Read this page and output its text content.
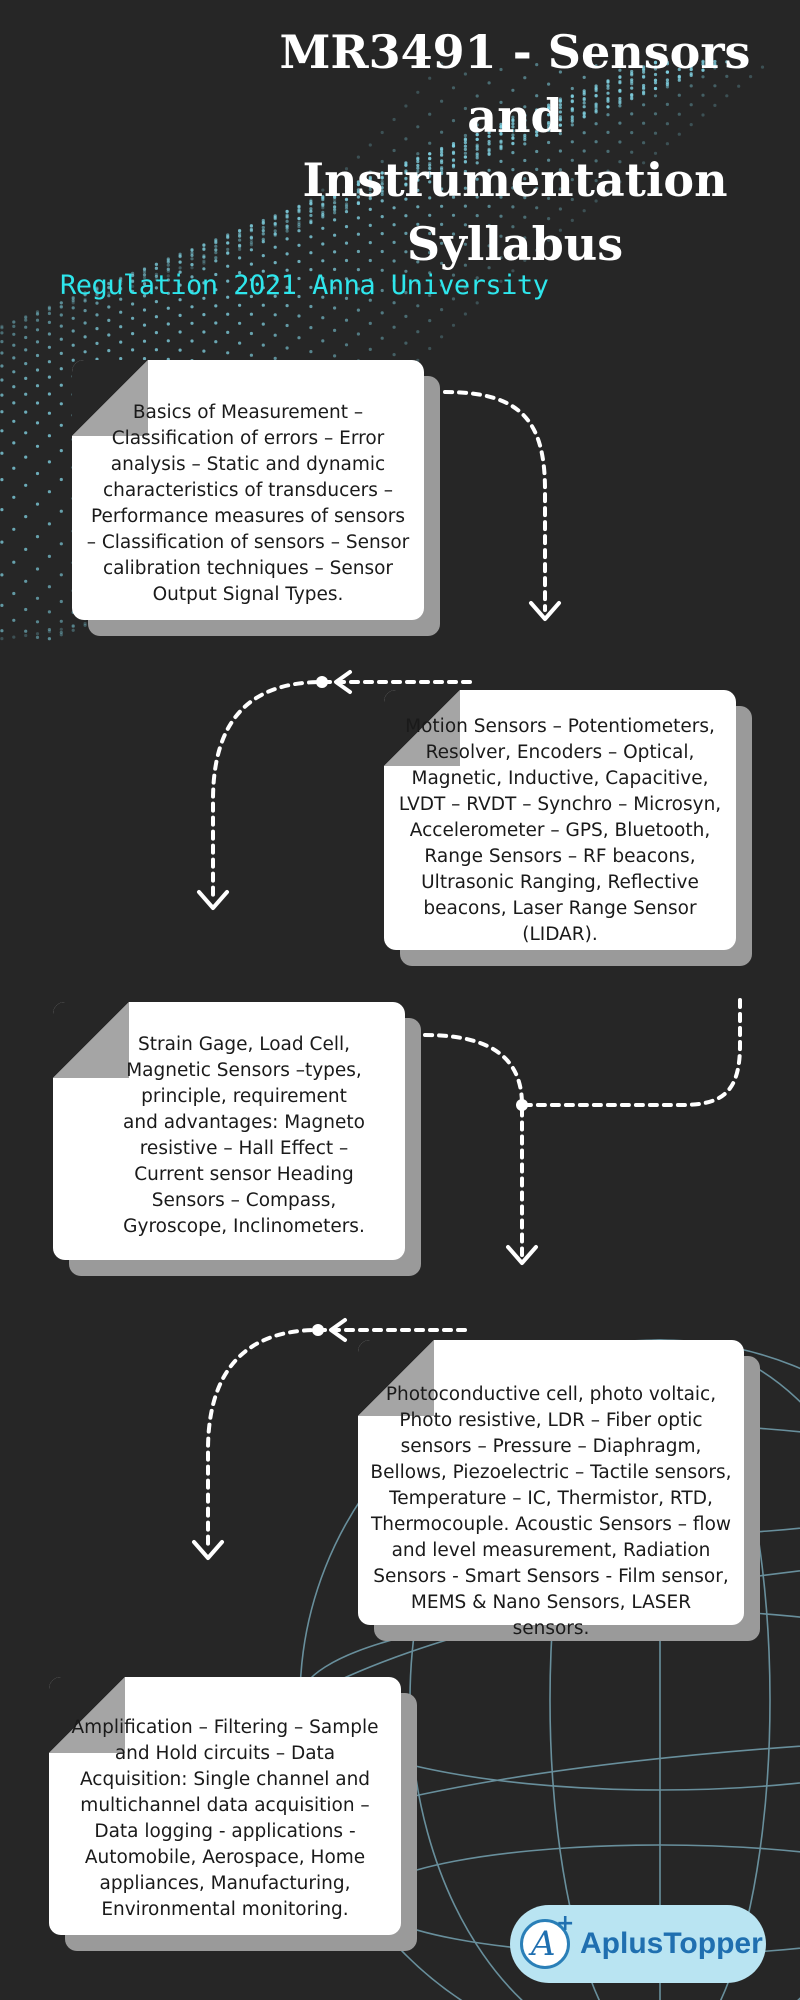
MR3491 - Sensors and Instrumentation Syllabus

Regulation 2021 Anna University

Basics of Measurement – Classification of errors – Error analysis – Static and dynamic characteristics of transducers – Performance measures of sensors – Classification of sensors – Sensor calibration techniques – Sensor Output Signal Types.

Motion Sensors – Potentiometers, Resolver, Encoders – Optical, Magnetic, Inductive, Capacitive, LVDT – RVDT – Synchro – Microsyn, Accelerometer – GPS, Bluetooth, Range Sensors – RF beacons, Ultrasonic Ranging, Reflective beacons, Laser Range Sensor (LIDAR).

Strain Gage, Load Cell, Magnetic Sensors –types, principle, requirement and advantages: Magneto resistive – Hall Effect – Current sensor Heading Sensors – Compass, Gyroscope, Inclinometers.

Photoconductive cell, photo voltaic, Photo resistive, LDR – Fiber optic sensors – Pressure – Diaphragm, Bellows, Piezoelectric – Tactile sensors, Temperature – IC, Thermistor, RTD, Thermocouple. Acoustic Sensors – flow and level measurement, Radiation Sensors - Smart Sensors - Film sensor, MEMS & Nano Sensors, LASER sensors.

Amplification – Filtering – Sample and Hold circuits – Data Acquisition: Single channel and multichannel data acquisition – Data logging - applications - Automobile, Aerospace, Home appliances, Manufacturing, Environmental monitoring.

A
+
AplusTopper
